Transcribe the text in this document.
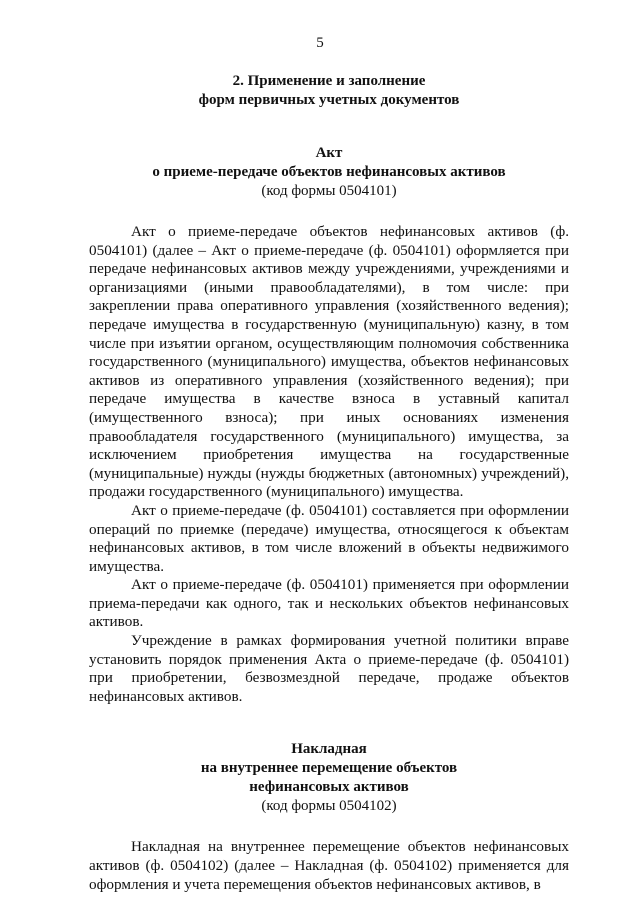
5
2. Применение и заполнение
форм первичных учетных документов
Акт
о приеме-передаче объектов нефинансовых активов
(код формы 0504101)

Акт о приеме-передаче объектов нефинансовых активов (ф. 0504101) (далее – Акт о приеме-передаче (ф. 0504101) оформляется при передаче нефинансовых активов между учреждениями, учреждениями и организациями (иными правообладателями), в том числе: при закреплении права оперативного управления (хозяйственного ведения); передаче имущества в государственную (муниципальную) казну, в том числе при изъятии органом, осуществляющим полномочия собственника государственного (муниципального) имущества, объектов нефинансовых активов из оперативного управления (хозяйственного ведения); при передаче имущества в качестве взноса в уставный капитал (имущественного взноса); при иных основаниях изменения правообладателя государственного (муниципального) имущества, за исключением приобретения имущества на государственные (муниципальные) нужды (нужды бюджетных (автономных) учреждений), продажи государственного (муниципального) имущества.

Акт о приеме-передаче (ф. 0504101) составляется при оформлении операций по приемке (передаче) имущества, относящегося к объектам нефинансовых активов, в том числе вложений в объекты недвижимого имущества.

Акт о приеме-передаче (ф. 0504101) применяется при оформлении приема-передачи как одного, так и нескольких объектов нефинансовых активов.

Учреждение в рамках формирования учетной политики вправе установить порядок применения Акта о приеме-передаче (ф. 0504101) при приобретении, безвозмездной передаче, продаже объектов нефинансовых активов.

Накладная
на внутреннее перемещение объектов
нефинансовых активов
(код формы 0504102)

Накладная на внутреннее перемещение объектов нефинансовых активов (ф. 0504102) (далее – Накладная (ф. 0504102) применяется для оформления и учета перемещения объектов нефинансовых активов, в
